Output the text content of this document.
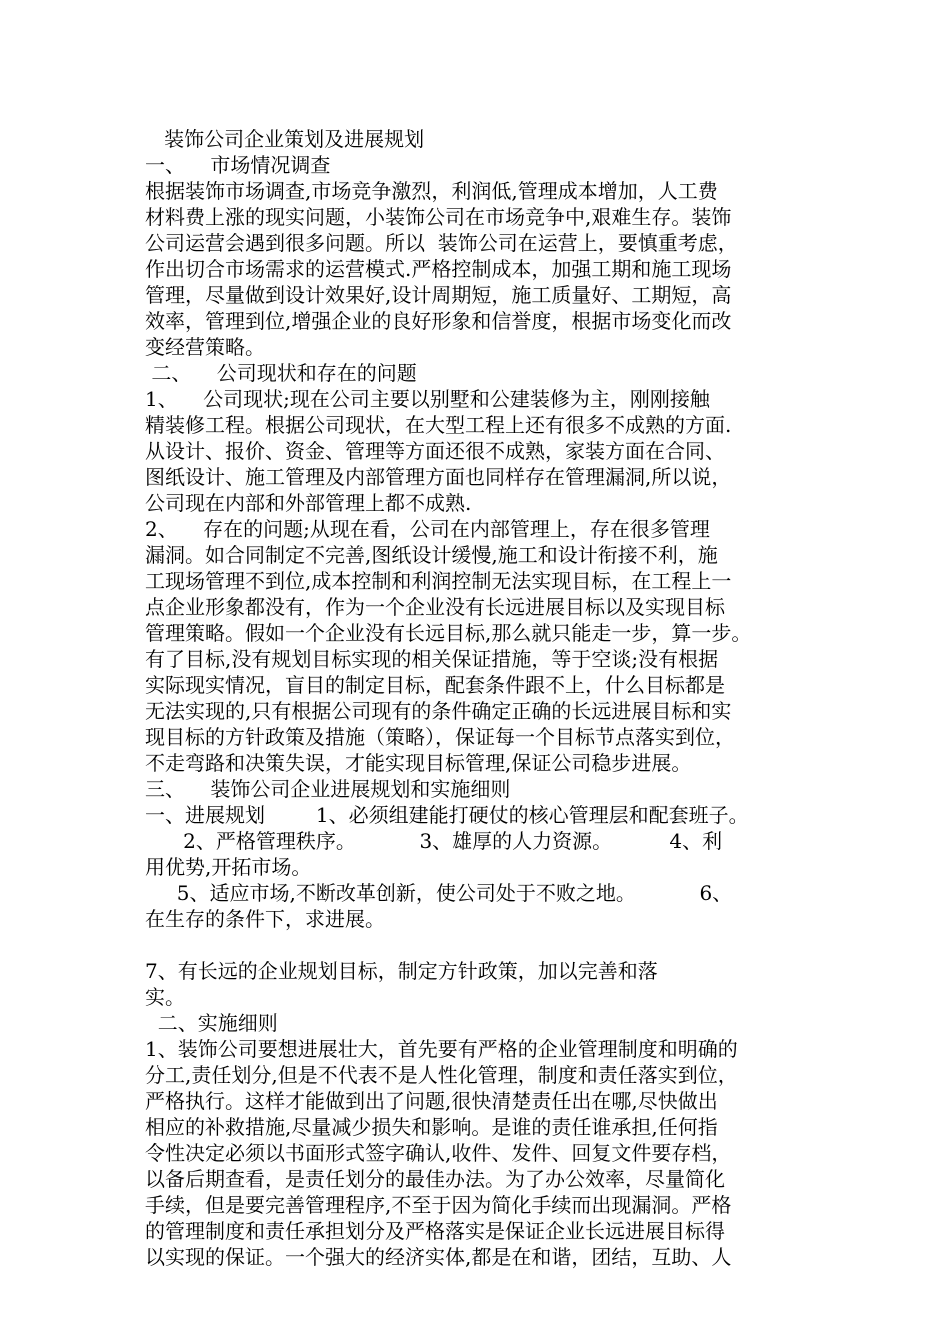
装饰公司企业策划及进展规划
一、    市场情况调查
根据装饰市场调查,市场竞争激烈，利润低,管理成本增加，人工费
材料费上涨的现实问题，小装饰公司在市场竞争中,艰难生存。装饰
公司运营会遇到很多问题。所以  装饰公司在运营上，要慎重考虑，
作出切合市场需求的运营模式.严格控制成本，加强工期和施工现场
管理，尽量做到设计效果好,设计周期短，施工质量好、工期短，高
效率，管理到位,增强企业的良好形象和信誉度，根据市场变化而改
变经营策略。
二、    公司现状和存在的问题
1、    公司现状;现在公司主要以别墅和公建装修为主，刚刚接触
精装修工程。根据公司现状，在大型工程上还有很多不成熟的方面.
从设计、报价、资金、管理等方面还很不成熟，家装方面在合同、
图纸设计、施工管理及内部管理方面也同样存在管理漏洞,所以说，
公司现在内部和外部管理上都不成熟.
2、    存在的问题;从现在看，公司在内部管理上，存在很多管理
漏洞。如合同制定不完善,图纸设计缓慢,施工和设计衔接不利，施
工现场管理不到位,成本控制和利润控制无法实现目标，在工程上一
点企业形象都没有，作为一个企业没有长远进展目标以及实现目标
管理策略。假如一个企业没有长远目标,那么就只能走一步，算一步。
有了目标,没有规划目标实现的相关保证措施，等于空谈;没有根据
实际现实情况，盲目的制定目标，配套条件跟不上，什么目标都是
无法实现的,只有根据公司现有的条件确定正确的长远进展目标和实
现目标的方针政策及措施（策略），保证每一个目标节点落实到位，
不走弯路和决策失误，才能实现目标管理,保证公司稳步进展。
三、    装饰公司企业进展规划和实施细则
一、进展规划        1、必须组建能打硬仗的核心管理层和配套班子。
2、严格管理秩序。          3、雄厚的人力资源。         4、利
用优势,开拓市场。
5、适应市场,不断改革创新，使公司处于不败之地。          6、
在生存的条件下，求进展。
7、有长远的企业规划目标，制定方针政策，加以完善和落
实。
二、实施细则
1、装饰公司要想进展壮大，首先要有严格的企业管理制度和明确的
分工,责任划分,但是不代表不是人性化管理，制度和责任落实到位，
严格执行。这样才能做到出了问题,很快清楚责任出在哪,尽快做出
相应的补救措施,尽量减少损失和影响。是谁的责任谁承担,任何指
令性决定必须以书面形式签字确认,收件、发件、回复文件要存档，
以备后期查看，是责任划分的最佳办法。为了办公效率，尽量简化
手续，但是要完善管理程序,不至于因为简化手续而出现漏洞。严格
的管理制度和责任承担划分及严格落实是保证企业长远进展目标得
以实现的保证。一个强大的经济实体,都是在和谐，团结，互助、人
